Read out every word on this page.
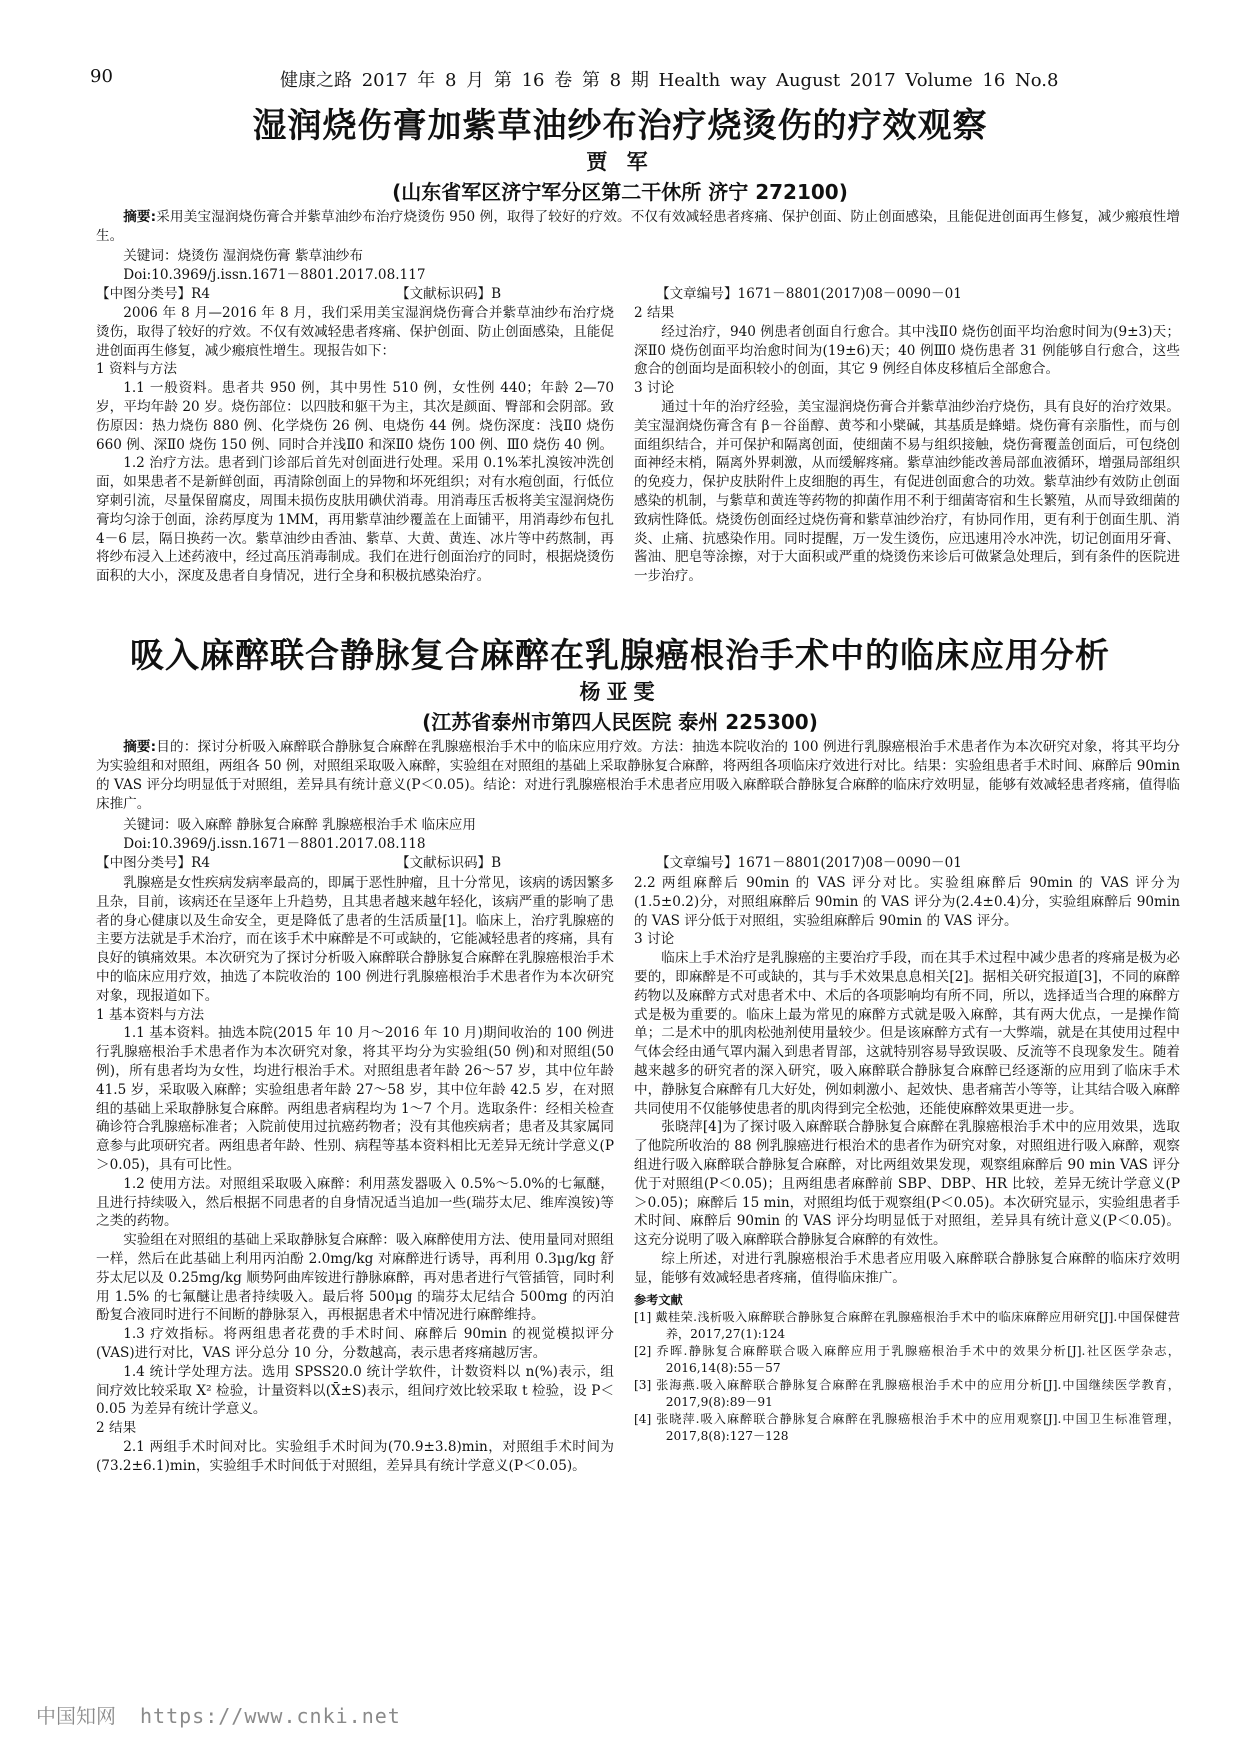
90	健康之路 2017 年 8 月 第 16 卷 第 8 期 Health way August 2017 Volume 16 No.8
湿润烧伤膏加紫草油纱布治疗烧烫伤的疗效观察
贾 军
(山东省军区济宁军分区第二干休所 济宁 272100)
摘要:采用美宝湿润烧伤膏合并紫草油纱布治疗烧烫伤 950 例，取得了较好的疗效。不仅有效减轻患者疼痛、保护创面、防止创面感染，且能促进创面再生修复，减少瘢痕性增生。
关键词：烧烫伤 湿润烧伤膏 紫草油纱布
Doi:10.3969/j.issn.1671－8801.2017.08.117
【中图分类号】R4	【文献标识码】B	【文章编号】1671－8801(2017)08－0090－01

2006 年 8 月—2016 年 8 月，我们采用美宝湿润烧伤膏合并紫草油纱布治疗烧烫伤，取得了较好的疗效。不仅有效减轻患者疼痛、保护创面、防止创面感染，且能促进创面再生修复，减少瘢痕性增生。现报告如下：

1 资料与方法

1.1 一般资料。患者共 950 例，其中男性 510 例，女性例 440；年龄 2—70 岁，平均年龄 20 岁。烧伤部位：以四肢和躯干为主，其次是颜面、臀部和会阴部。致伤原因：热力烧伤 880 例、化学烧伤 26 例、电烧伤 44 例。烧伤深度：浅Ⅱ0 烧伤 660 例、深Ⅱ0 烧伤 150 例、同时合并浅Ⅱ0 和深Ⅱ0 烧伤 100 例、Ⅲ0 烧伤 40 例。

1.2 治疗方法。患者到门诊部后首先对创面进行处理。采用 0.1%苯扎溴铵冲洗创面，如果患者不是新鲜创面，再清除创面上的异物和坏死组织；对有水疱创面，行低位穿刺引流，尽量保留腐皮，周围未损伤皮肤用碘伏消毒。用消毒压舌板将美宝湿润烧伤膏均匀涂于创面，涂药厚度为 1MM，再用紫草油纱覆盖在上面铺平，用消毒纱布包扎 4－6 层，隔日换药一次。紫草油纱由香油、紫草、大黄、黄连、冰片等中药熬制，再将纱布浸入上述药液中，经过高压消毒制成。我们在进行创面治疗的同时，根据烧烫伤面积的大小，深度及患者自身情况，进行全身和积极抗感染治疗。

2 结果

经过治疗，940 例患者创面自行愈合。其中浅Ⅱ0 烧伤创面平均治愈时间为(9±3)天；深Ⅱ0 烧伤创面平均治愈时间为(19±6)天；40 例Ⅲ0 烧伤患者 31 例能够自行愈合，这些愈合的创面均是面积较小的创面，其它 9 例经自体皮移植后全部愈合。

3 讨论

通过十年的治疗经验，美宝湿润烧伤膏合并紫草油纱治疗烧伤，具有良好的治疗效果。美宝湿润烧伤膏含有 β－谷甾醇、黄芩和小檗碱，其基质是蜂蜡。烧伤膏有亲脂性，而与创面组织结合，并可保护和隔离创面，使细菌不易与组织接触，烧伤膏覆盖创面后，可包绕创面神经末梢，隔离外界刺激，从而缓解疼痛。紫草油纱能改善局部血液循环，增强局部组织的免疫力，保护皮肤附件上皮细胞的再生，有促进创面愈合的功效。紫草油纱有效防止创面感染的机制，与紫草和黄连等药物的抑菌作用不利于细菌寄宿和生长繁殖，从而导致细菌的致病性降低。烧烫伤创面经过烧伤膏和紫草油纱治疗，有协同作用，更有利于创面生肌、消炎、止痛、抗感染作用。同时提醒，万一发生烫伤，应迅速用冷水冲洗，切记创面用牙膏、酱油、肥皂等涂擦，对于大面积或严重的烧烫伤来诊后可做紧急处理后，到有条件的医院进一步治疗。

吸入麻醉联合静脉复合麻醉在乳腺癌根治手术中的临床应用分析
杨亚雯
(江苏省泰州市第四人民医院 泰州 225300)
摘要:目的：探讨分析吸入麻醉联合静脉复合麻醉在乳腺癌根治手术中的临床应用疗效。方法：抽选本院收治的 100 例进行乳腺癌根治手术患者作为本次研究对象，将其平均分为实验组和对照组，两组各 50 例，对照组采取吸入麻醉，实验组在对照组的基础上采取静脉复合麻醉，将两组各项临床疗效进行对比。结果：实验组患者手术时间、麻醉后 90min 的 VAS 评分均明显低于对照组，差异具有统计意义(P＜0.05)。结论：对进行乳腺癌根治手术患者应用吸入麻醉联合静脉复合麻醉的临床疗效明显，能够有效减轻患者疼痛，值得临床推广。
关键词：吸入麻醉 静脉复合麻醉 乳腺癌根治手术 临床应用
Doi:10.3969/j.issn.1671－8801.2017.08.118
【中图分类号】R4	【文献标识码】B	【文章编号】1671－8801(2017)08－0090－01

乳腺癌是女性疾病发病率最高的，即属于恶性肿瘤，且十分常见，该病的诱因繁多且杂，目前，该病还在呈逐年上升趋势，且其患者越来越年轻化，该病严重的影响了患者的身心健康以及生命安全，更是降低了患者的生活质量[1]。临床上，治疗乳腺癌的主要方法就是手术治疗，而在该手术中麻醉是不可或缺的，它能减轻患者的疼痛，具有良好的镇痛效果。本次研究为了探讨分析吸入麻醉联合静脉复合麻醉在乳腺癌根治手术中的临床应用疗效，抽选了本院收治的 100 例进行乳腺癌根治手术患者作为本次研究对象，现报道如下。

1 基本资料与方法

1.1 基本资料。抽选本院(2015 年 10 月～2016 年 10 月)期间收治的 100 例进行乳腺癌根治手术患者作为本次研究对象，将其平均分为实验组(50 例)和对照组(50 例)，所有患者均为女性，均进行根治手术。对照组患者年龄 26～57 岁，其中位年龄 41.5 岁，采取吸入麻醉；实验组患者年龄 27～58 岁，其中位年龄 42.5 岁，在对照组的基础上采取静脉复合麻醉。两组患者病程均为 1～7 个月。选取条件：经相关检查确诊符合乳腺癌标准者；入院前使用过抗癌药物者；没有其他疾病者；患者及其家属同意参与此项研究者。两组患者年龄、性别、病程等基本资料相比无差异无统计学意义(P＞0.05)，具有可比性。

1.2 使用方法。对照组采取吸入麻醉：利用蒸发器吸入 0.5%～5.0%的七氟醚，且进行持续吸入，然后根据不同患者的自身情况适当追加一些(瑞芬太尼、维库溴铵)等之类的药物。

实验组在对照组的基础上采取静脉复合麻醉：吸入麻醉使用方法、使用量同对照组一样，然后在此基础上利用丙泊酚 2.0mg/kg 对麻醉进行诱导，再利用 0.3μg/kg 舒芬太尼以及 0.25mg/kg 顺势阿曲库铵进行静脉麻醉，再对患者进行气管插管，同时利用 1.5% 的七氟醚让患者持续吸入。最后将 500μg 的瑞芬太尼结合 500mg 的丙泊酚复合液同时进行不间断的静脉泵入，再根据患者术中情况进行麻醉维持。

1.3 疗效指标。将两组患者花费的手术时间、麻醉后 90min 的视觉模拟评分(VAS)进行对比，VAS 评分总分 10 分，分数越高，表示患者疼痛越厉害。

1.4 统计学处理方法。选用 SPSS20.0 统计学软件，计数资料以 n(%)表示，组间疗效比较采取 X² 检验，计量资料以(X̄±S)表示，组间疗效比较采取 t 检验，设 P＜0.05 为差异有统计学意义。

2 结果

2.1 两组手术时间对比。实验组手术时间为(70.9±3.8)min，对照组手术时间为(73.2±6.1)min，实验组手术时间低于对照组，差异具有统计学意义(P＜0.05)。

2.2 两组麻醉后 90min 的 VAS 评分对比。实验组麻醉后 90min 的 VAS 评分为(1.5±0.2)分，对照组麻醉后 90min 的 VAS 评分为(2.4±0.4)分，实验组麻醉后 90min 的 VAS 评分低于对照组，实验组麻醉后 90min 的 VAS 评分。

3 讨论

临床上手术治疗是乳腺癌的主要治疗手段，而在其手术过程中减少患者的疼痛是极为必要的，即麻醉是不可或缺的，其与手术效果息息相关[2]。据相关研究报道[3]，不同的麻醉药物以及麻醉方式对患者术中、术后的各项影响均有所不同，所以，选择适当合理的麻醉方式是极为重要的。临床上最为常见的麻醉方式就是吸入麻醉，其有两大优点，一是操作简单；二是术中的肌肉松弛剂使用量较少。但是该麻醉方式有一大弊端，就是在其使用过程中气体会经由通气罩内漏入到患者胃部，这就特别容易导致误吸、反流等不良现象发生。随着越来越多的研究者的深入研究，吸入麻醉联合静脉复合麻醉已经逐渐的应用到了临床手术中，静脉复合麻醉有几大好处，例如刺激小、起效快、患者痛苦小等等，让其结合吸入麻醉共同使用不仅能够使患者的肌肉得到完全松弛，还能使麻醉效果更进一步。

张晓萍[4]为了探讨吸入麻醉联合静脉复合麻醉在乳腺癌根治手术中的应用效果，选取了他院所收治的 88 例乳腺癌进行根治术的患者作为研究对象，对照组进行吸入麻醉，观察组进行吸入麻醉联合静脉复合麻醉，对比两组效果发现，观察组麻醉后 90 min VAS 评分优于对照组(P＜0.05)；且两组患者麻醉前 SBP、DBP、HR 比较，差异无统计学意义(P＞0.05)；麻醉后 15 min，对照组均低于观察组(P＜0.05)。本次研究显示，实验组患者手术时间、麻醉后 90min 的 VAS 评分均明显低于对照组，差异具有统计意义(P＜0.05)。这充分说明了吸入麻醉联合静脉复合麻醉的有效性。

综上所述，对进行乳腺癌根治手术患者应用吸入麻醉联合静脉复合麻醉的临床疗效明显，能够有效减轻患者疼痛，值得临床推广。

参考文献
[1] 戴桂荣.浅析吸入麻醉联合静脉复合麻醉在乳腺癌根治手术中的临床麻醉应用研究[J].中国保健营养，2017,27(1):124
[2] 乔晖.静脉复合麻醉联合吸入麻醉应用于乳腺癌根治手术中的效果分析[J].社区医学杂志，2016,14(8):55－57
[3] 张海燕.吸入麻醉联合静脉复合麻醉在乳腺癌根治手术中的应用分析[J].中国继续医学教育，2017,9(8):89－91
[4] 张晓萍.吸入麻醉联合静脉复合麻醉在乳腺癌根治手术中的应用观察[J].中国卫生标准管理，2017,8(8):127－128
中国知网 https://www.cnki.net
